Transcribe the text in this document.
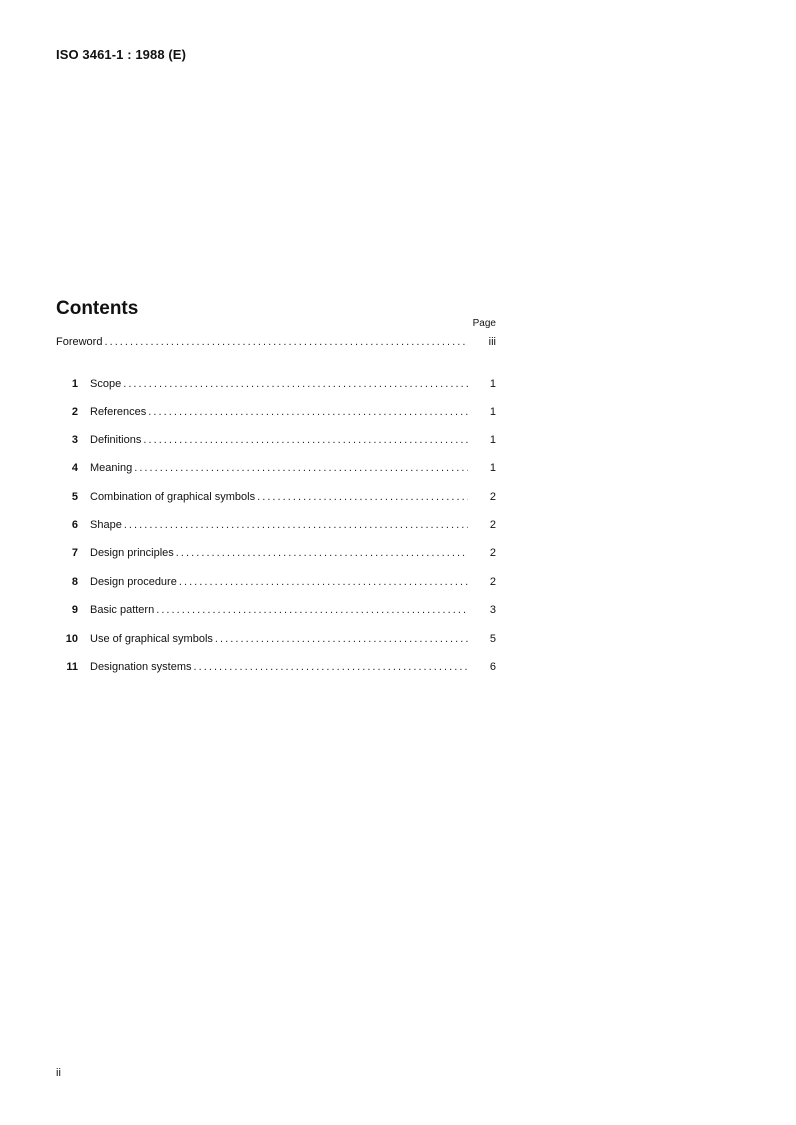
ISO 3461-1 : 1988 (E)
Contents
Page
Foreword . . .	iii
1 Scope . . .	1
2 References . . .	1
3 Definitions . . .	1
4 Meaning . . .	1
5 Combination of graphical symbols . . .	2
6 Shape . . .	2
7 Design principles . . .	2
8 Design procedure . . .	2
9 Basic pattern . . .	3
10 Use of graphical symbols . . .	5
11 Designation systems . . .	6
ii
